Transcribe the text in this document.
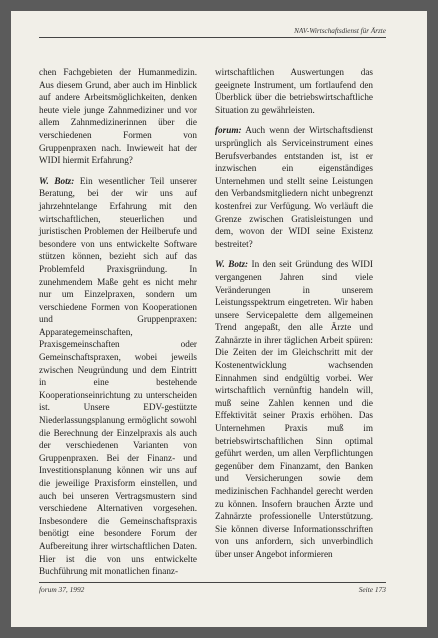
NAV-Wirtschaftsdienst für Ärzte

chen Fachgebieten der Humanmedizin. Aus diesem Grund, aber auch im Hinblick auf andere Arbeitsmöglichkeiten, denken heute viele junge Zahnmediziner und vor allem Zahnmedizinerinnen über die verschiedenen Formen von Gruppenpraxen nach. Inwieweit hat der WIDI hiermit Erfahrung?

W. Botz: Ein wesentlicher Teil unserer Beratung, bei der wir uns auf jahrzehntelange Erfahrung mit den wirtschaftlichen, steuerlichen und juristischen Problemen der Heilberufe und besondere von uns entwickelte Software stützen können, bezieht sich auf das Problemfeld Praxisgründung. In zunehmendem Maße geht es nicht mehr nur um Einzelpraxen, sondern um verschiedene Formen von Kooperationen und Gruppenpraxen: Apparategemeinschaften, Praxisgemeinschaften oder Gemeinschaftspraxen, wobei jeweils zwischen Neugründung und dem Eintritt in eine bestehende Kooperationseinrichtung zu unterscheiden ist. Unsere EDV-gestützte Niederlassungsplanung ermöglicht sowohl die Berechnung der Einzelpraxis als auch der verschiedenen Varianten von Gruppenpraxen. Bei der Finanz- und Investitionsplanung können wir uns auf die jeweilige Praxisform einstellen, und auch bei unseren Vertragsmustern sind verschiedene Alternativen vorgesehen. Insbesondere die Gemeinschaftspraxis benötigt eine besondere Forum der Aufbereitung ihrer wirtschaftlichen Daten. Hier ist die von uns entwickelte Buchführung mit monatlichen finanz-

wirtschaftlichen Auswertungen das geeignete Instrument, um fortlaufend den Überblick über die betriebswirtschaftliche Situation zu gewährleisten.

forum: Auch wenn der Wirtschaftsdienst ursprünglich als Serviceinstrument eines Berufsverbandes entstanden ist, ist er inzwischen ein eigenständiges Unternehmen und stellt seine Leistungen den Verbandsmitgliedern nicht unbegrenzt kostenfrei zur Verfügung. Wo verläuft die Grenze zwischen Gratisleistungen und dem, wovon der WIDI seine Existenz bestreitet?

W. Botz: In den seit Gründung des WIDI vergangenen Jahren sind viele Veränderungen in unserem Leistungsspektrum eingetreten. Wir haben unsere Servicepalette dem allgemeinen Trend angepaßt, den alle Ärzte und Zahnärzte in ihrer täglichen Arbeit spüren: Die Zeiten der im Gleichschritt mit der Kostenentwicklung wachsenden Einnahmen sind endgültig vorbei. Wer wirtschaftlich vernünftig handeln will, muß seine Zahlen kennen und die Effektivität seiner Praxis erhöhen. Das Unternehmen Praxis muß im betriebswirtschaftlichen Sinn optimal geführt werden, um allen Verpflichtungen gegenüber dem Finanzamt, den Banken und Versicherungen sowie dem medizinischen Fachhandel gerecht werden zu können. Insofern brauchen Ärzte und Zahnärzte professionelle Unterstützung. Sie können diverse Informationsschriften von uns anfordern, sich unverbindlich über unser Angebot informieren

forum 37, 1992	Seite 173
